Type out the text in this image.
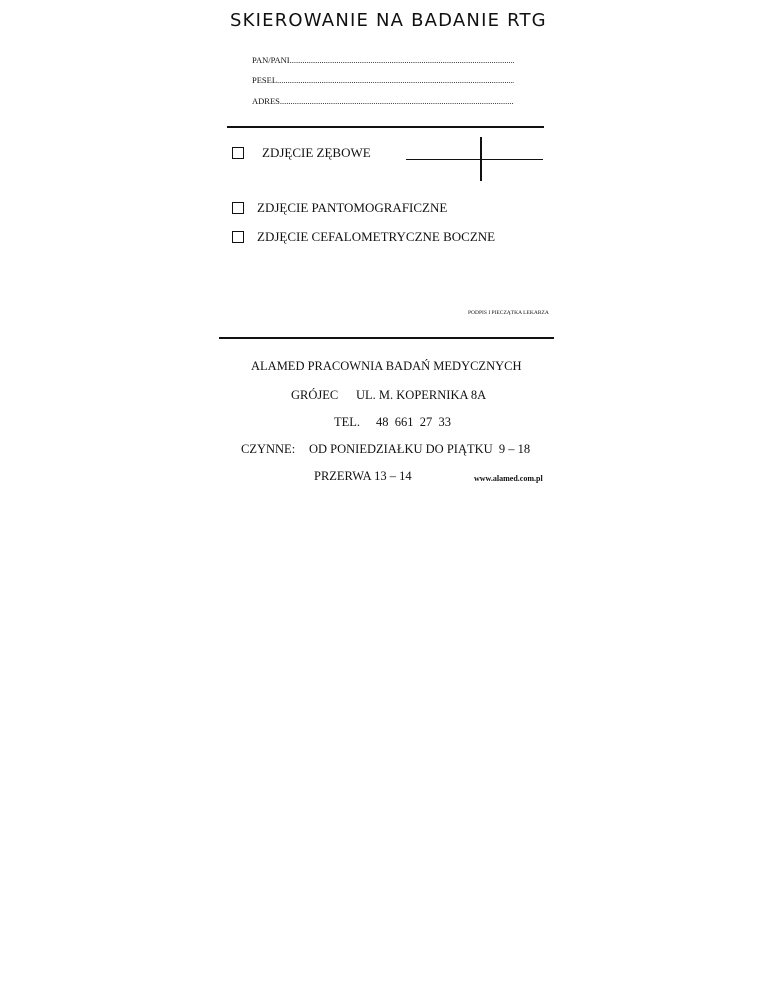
SKIEROWANIE NA BADANIE RTG
PAN/PANI .....
PESEL .....
ADRES .....
ZDJĘCIE ZĘBOWE
ZDJĘCIE PANTOMOGRAFICZNE
ZDJĘCIE CEFALOMETRYCZNE BOCZNE
PODPIS I PIECZĄTKA LEKARZA
ALAMED PRACOWNIA BADAŃ MEDYCZNYCH
GRÓJEC UL. M. KOPERNIKA 8A
TEL. 48  661  27  33
CZYNNE: OD PONIEDZIAŁKU DO PIĄTKU  9 – 18
PRZERWA 13 – 14	www.alamed.com.pl
